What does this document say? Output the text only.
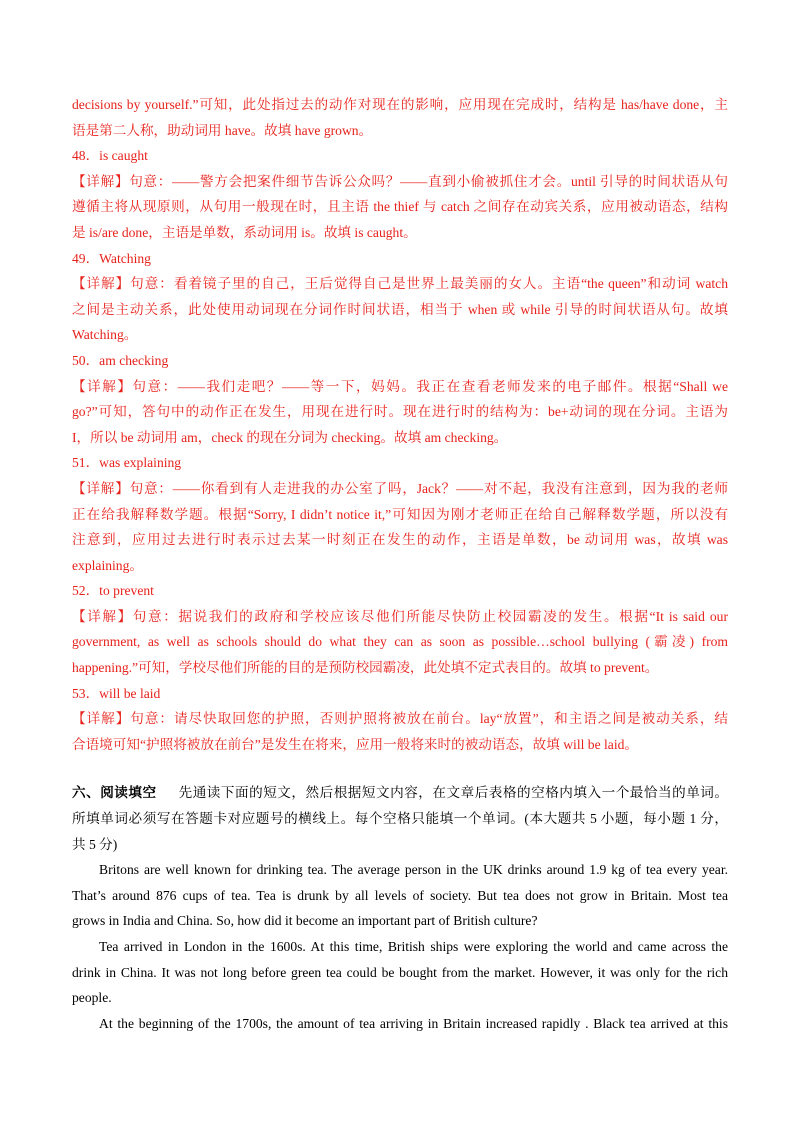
decisions by yourself.”可知，此处指过去的动作对现在的影响，应用现在完成时，结构是 has/have done，主
语是第二人称，助动词用 have。故填 have grown。
48．is caught
【详解】句意：——警方会把案件细节告诉公众吗？——直到小偷被抓住才会。until 引导的时间状语从句
遵循主将从现原则，从句用一般现在时，且主语 the thief 与 catch 之间存在动宾关系，应用被动语态，结构
是 is/are done，主语是单数，系动词用 is。故填 is caught。
49．Watching
【详解】句意：看着镜子里的自己，王后觉得自己是世界上最美丽的女人。主语“the queen”和动词 watch
之间是主动关系，此处使用动词现在分词作时间状语，相当于 when 或 while 引导的时间状语从句。故填
Watching。
50．am checking
【详解】句意：——我们走吧？——等一下，妈妈。我正在查看老师发来的电子邮件。根据“Shall we
go?”可知，答句中的动作正在发生，用现在进行时。现在进行时的结构为：be+动词的现在分词。主语为
I，所以 be 动词用 am，check 的现在分词为 checking。故填 am checking。
51．was explaining
【详解】句意：——你看到有人走进我的办公室了吗，Jack？——对不起，我没有注意到，因为我的老师
正在给我解释数学题。根据“Sorry, I didn’t notice it,”可知因为刚才老师正在给自己解释数学题，所以没有
注意到，应用过去进行时表示过去某一时刻正在发生的动作，主语是单数，be 动词用 was，故填 was
explaining。
52．to prevent
【详解】句意：据说我们的政府和学校应该尽他们所能尽快防止校园霸凌的发生。根据“It is said our
government, as well as schools should do what they can as soon as possible…school bullying (霸凌) from
happening.”可知，学校尽他们所能的目的是预防校园霸凌，此处填不定式表目的。故填 to prevent。
53．will be laid
【详解】句意：请尽快取回您的护照，否则护照将被放在前台。lay“放置”，和主语之间是被动关系，结
合语境可知“护照将被放在前台”是发生在将来，应用一般将来时的被动语态，故填 will be laid。
六、阅读填空 先通读下面的短文，然后根据短文内容，在文章后表格的空格内填入一个最恰当的单词。
所填单词必须写在答题卡对应题号的横线上。每个空格只能填一个单词。(本大题共 5 小题，每小题 1 分，
共 5 分)
Britons are well known for drinking tea. The average person in the UK drinks around 1.9 kg of tea every year.
That’s around 876 cups of tea. Tea is drunk by all levels of society. But tea does not grow in Britain. Most tea
grows in India and China. So, how did it become an important part of British culture?
Tea arrived in London in the 1600s. At this time, British ships were exploring the world and came across the
drink in China. It was not long before green tea could be bought from the market. However, it was only for the rich
people.
At the beginning of the 1700s, the amount of tea arriving in Britain increased rapidly . Black tea arrived at this
